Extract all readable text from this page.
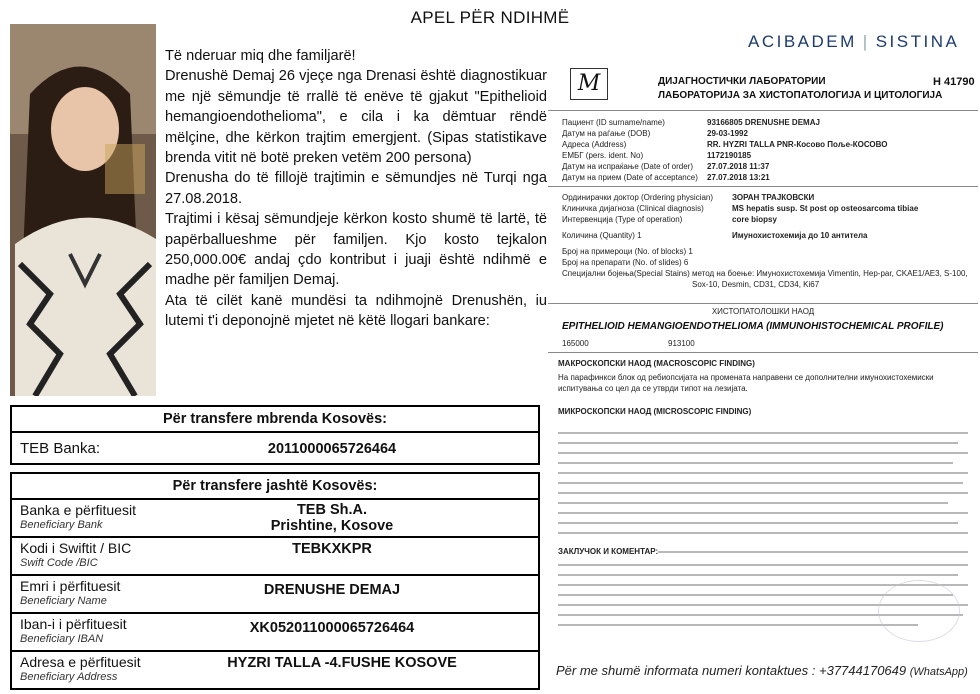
APEL PËR NDIHMË

Të nderuar miq dhe familjarë!

Drenushë Demaj 26 vjeçe nga Drenasi është diagnostikuar me një sëmundje të rrallë të enëve të gjakut "Epithelioid hemangioendothelioma", e cila i ka dëmtuar rëndë mëlçine, dhe kërkon trajtim emergjent. (Sipas statistikave brenda vitit në botë preken vetëm 200 persona)

Drenusha do të fillojë trajtimin e sëmundjes në Turqi nga 27.08.2018.

Trajtimi i kësaj sëmundjeje kërkon kosto shumë të lartë, të papërballueshme për familjen. Kjo kosto tejkalon 250,000.00€ andaj çdo kontribut i juaji është ndihmë e madhe për familjen Demaj.

Ata të cilët kanë mundësi ta ndihmojnë Drenushën, iu lutemi t'i deponojnë mjetet në këtë llogari bankare:

Për transfere mbrenda Kosovës:
TEB Banka:	2011000065726464
Për transfere jashtë Kosovës:
Banka e përfituesit
Beneficiary Bank
TEB Sh.A.
Prishtine, Kosove
Kodi i Swiftit / BIC
Swift Code /BIC
TEBKXKPR
Emri i përfituesit
Beneficiary Name
DRENUSHE DEMAJ
Iban-i i përfituesit
Beneficiary IBAN
XK052011000065726464
Adresa e përfituesit
Beneficiary Address
HYZRI TALLA -4.FUSHE KOSOVE
ACIBADEM | SISTINA
M	ДИЈАГНОСТИЧКИ ЛАБОРАТОРИИ
ЛАБОРАТОРИЈА ЗА ХИСТОПАТОЛОГИЈА И ЦИТОЛОГИЈА
H 41790
Пациент (ID surname/name)	93166805 DRENUSHE DEMAJ
Датум на раѓање (DOB)	29-03-1992
Адреса (Address)	RR. HYZRI TALLA PNR-Косово Поље-КОСОВО
ЕМБГ (pers. ident. No)	1172190185
Датум на испраќање (Date of order)	27.07.2018 11:37
Датум на прием (Date of acceptance)	27.07.2018 13:21
Ординирачки доктор (Ordering physician)	ЗОРАН ТРАЈКОВСКИ
Клиничка дијагноза (Clinical diagnosis)	MS hepatis susp. St post op osteosarcoma tibiae
Интервенција (Type of operation)	core biopsy
Количина (Quantity) 1	Имунохистохемија до 10 антитела
Број на примероци (No. of blocks) 1
Број на препарати (No. of slides) 6
Специјални бојења(Special Stains) метод на боење: Имунохистохемија Vimentin, Hep-par, CKAE1/AE3, S-100, Sox-10, Desmin, CD31, CD34, Ki67
ХИСТОПАТОЛОШКИ НАОД
EPITHELIOID HEMANGIOENDOTHELIOMA (IMMUNOHISTOCHEMICAL PROFILE)
165000	913100
МАКРОСКОПСКИ НАОД (MACROSCOPIC FINDING)
На парафинкси блок од ребиопсијата на промената направени се дополнителни имунохистохемиски испитувања со цел да се утврди типот на лезијата.
МИКРОСКОПСКИ НАОД (MICROSCOPIC FINDING)
ЗАКЛУЧОК И КОМЕНТАР:
Për me shumë informata numeri kontaktues : +37744170649 (WhatsApp)
